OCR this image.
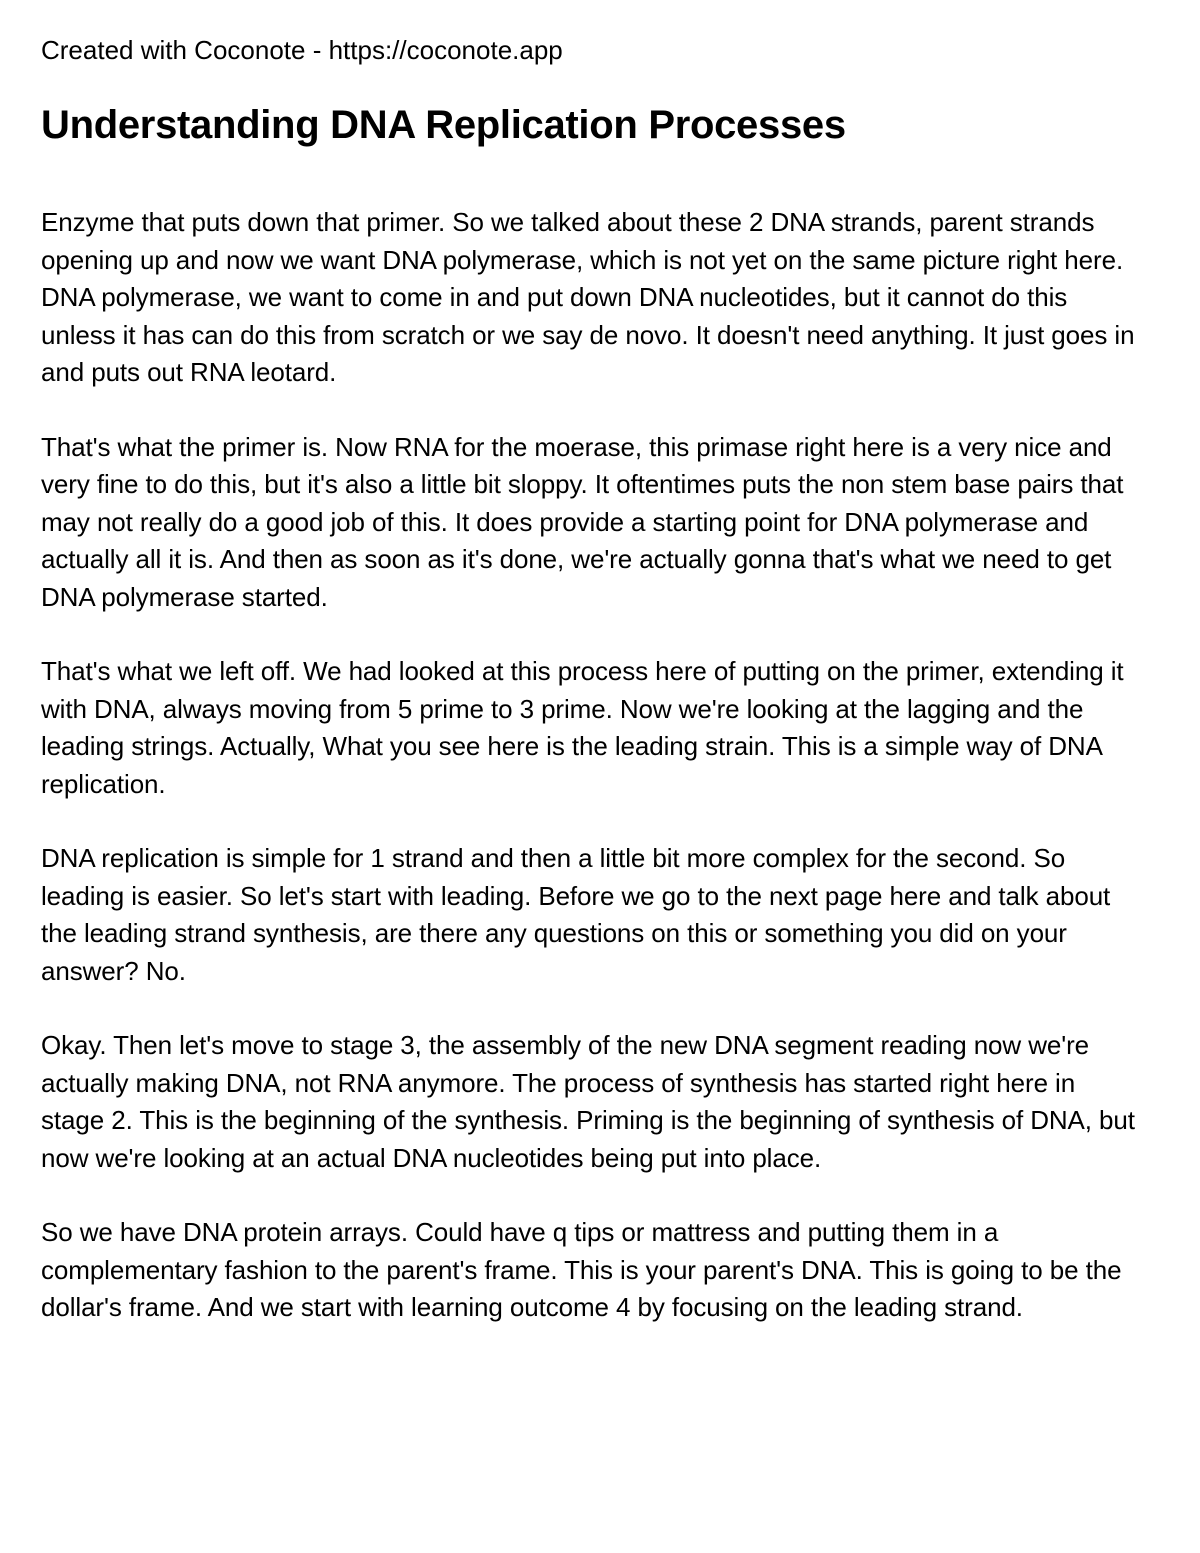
Created with Coconote - https://coconote.app

Understanding DNA Replication Processes

Enzyme that puts down that primer. So we talked about these 2 DNA strands, parent strands opening up and now we want DNA polymerase, which is not yet on the same picture right here. DNA polymerase, we want to come in and put down DNA nucleotides, but it cannot do this unless it has can do this from scratch or we say de novo. It doesn't need anything. It just goes in and puts out RNA leotard.

That's what the primer is. Now RNA for the moerase, this primase right here is a very nice and very fine to do this, but it's also a little bit sloppy. It oftentimes puts the non stem base pairs that may not really do a good job of this. It does provide a starting point for DNA polymerase and actually all it is. And then as soon as it's done, we're actually gonna that's what we need to get DNA polymerase started.

That's what we left off. We had looked at this process here of putting on the primer, extending it with DNA, always moving from 5 prime to 3 prime. Now we're looking at the lagging and the leading strings. Actually, What you see here is the leading strain. This is a simple way of DNA replication.

DNA replication is simple for 1 strand and then a little bit more complex for the second. So leading is easier. So let's start with leading. Before we go to the next page here and talk about the leading strand synthesis, are there any questions on this or something you did on your answer? No.

Okay. Then let's move to stage 3, the assembly of the new DNA segment reading now we're actually making DNA, not RNA anymore. The process of synthesis has started right here in stage 2. This is the beginning of the synthesis. Priming is the beginning of synthesis of DNA, but now we're looking at an actual DNA nucleotides being put into place.

So we have DNA protein arrays. Could have q tips or mattress and putting them in a complementary fashion to the parent's frame. This is your parent's DNA. This is going to be the dollar's frame. And we start with learning outcome 4 by focusing on the leading strand.
